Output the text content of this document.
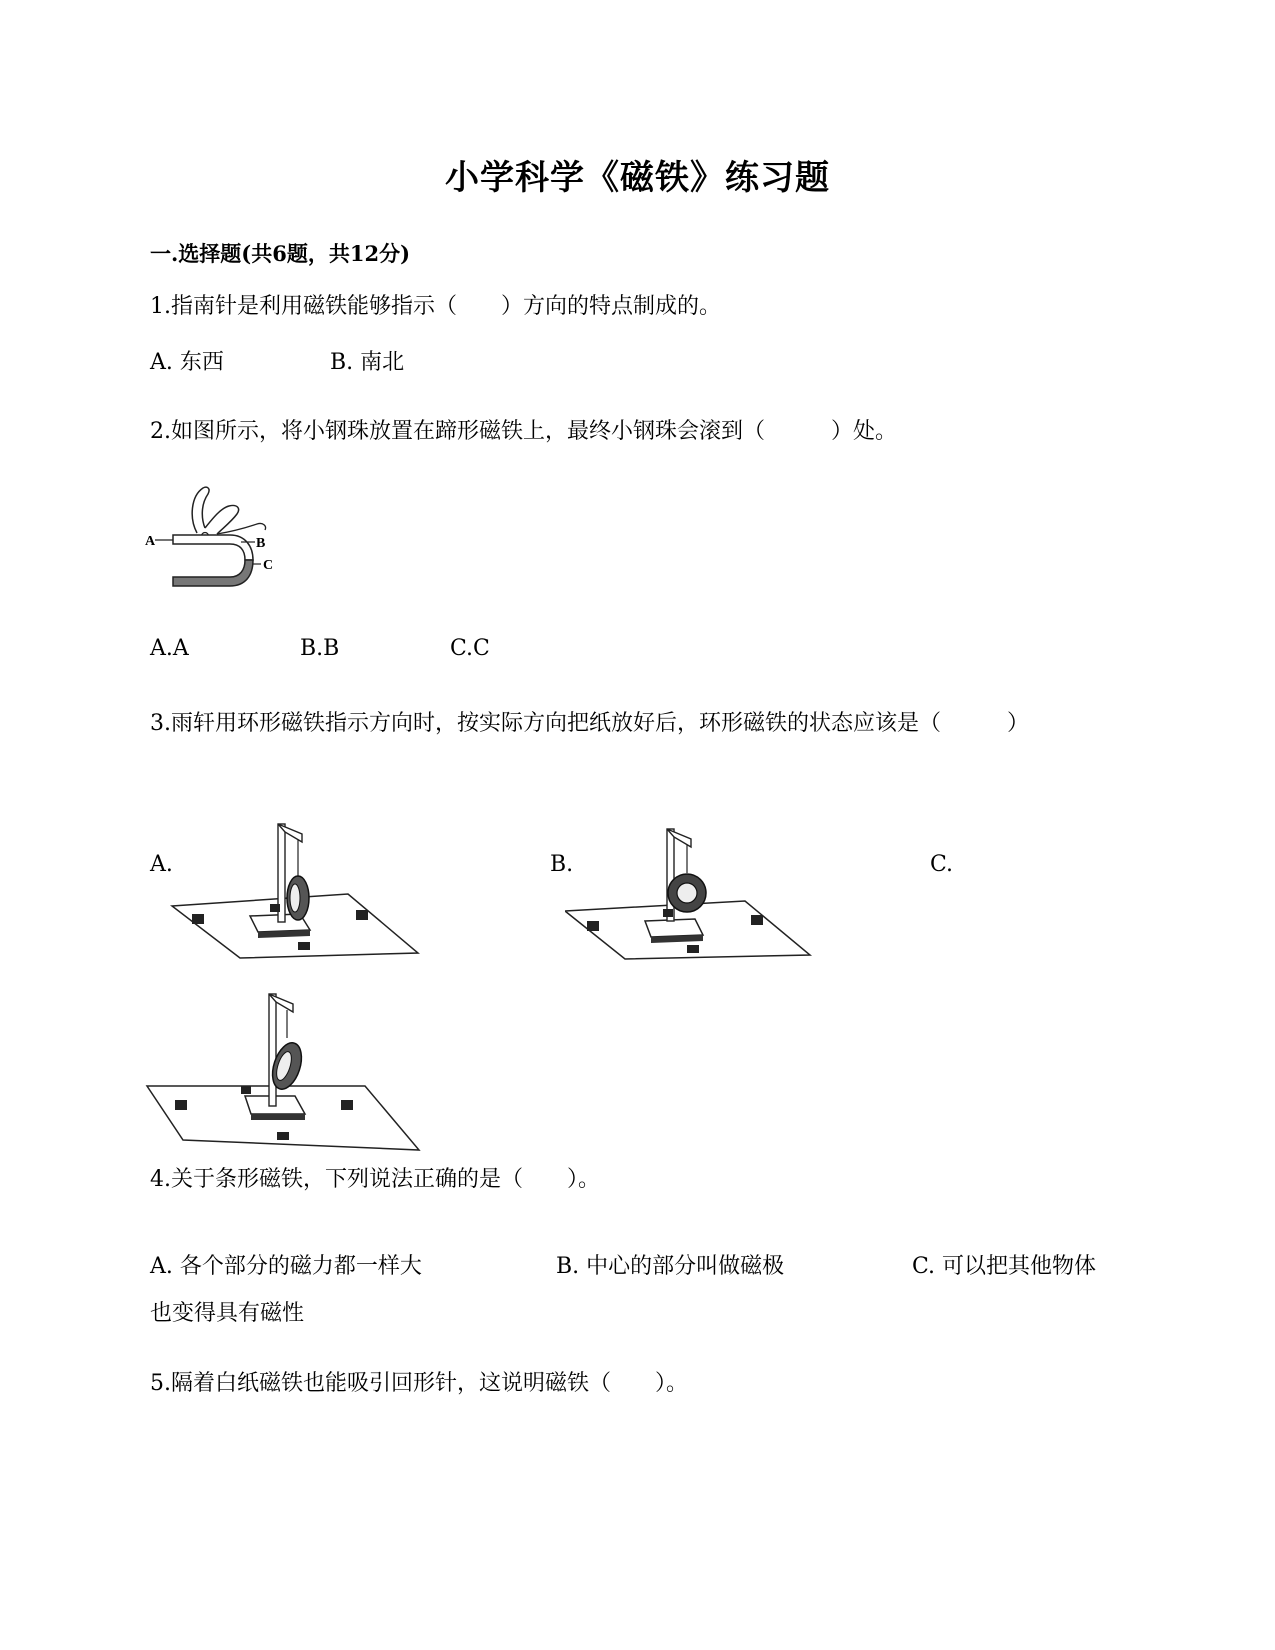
小学科学《磁铁》练习题
一.选择题(共6题，共12分)
1.指南针是利用磁铁能够指示（　　）方向的特点制成的。
A. 东西	B. 南北
2.如图所示，将小钢珠放置在蹄形磁铁上，最终小钢珠会滚到（　　　）处。
A	B
C
A.A	B.B	C.C
3.雨轩用环形磁铁指示方向时，按实际方向把纸放好后，环形磁铁的状态应该是（　　　）
A.	B.	C.
4.关于条形磁铁，下列说法正确的是（　　）。
A. 各个部分的磁力都一样大	B. 中心的部分叫做磁极	C. 可以把其他物体
也变得具有磁性
5.隔着白纸磁铁也能吸引回形针，这说明磁铁（　　）。
